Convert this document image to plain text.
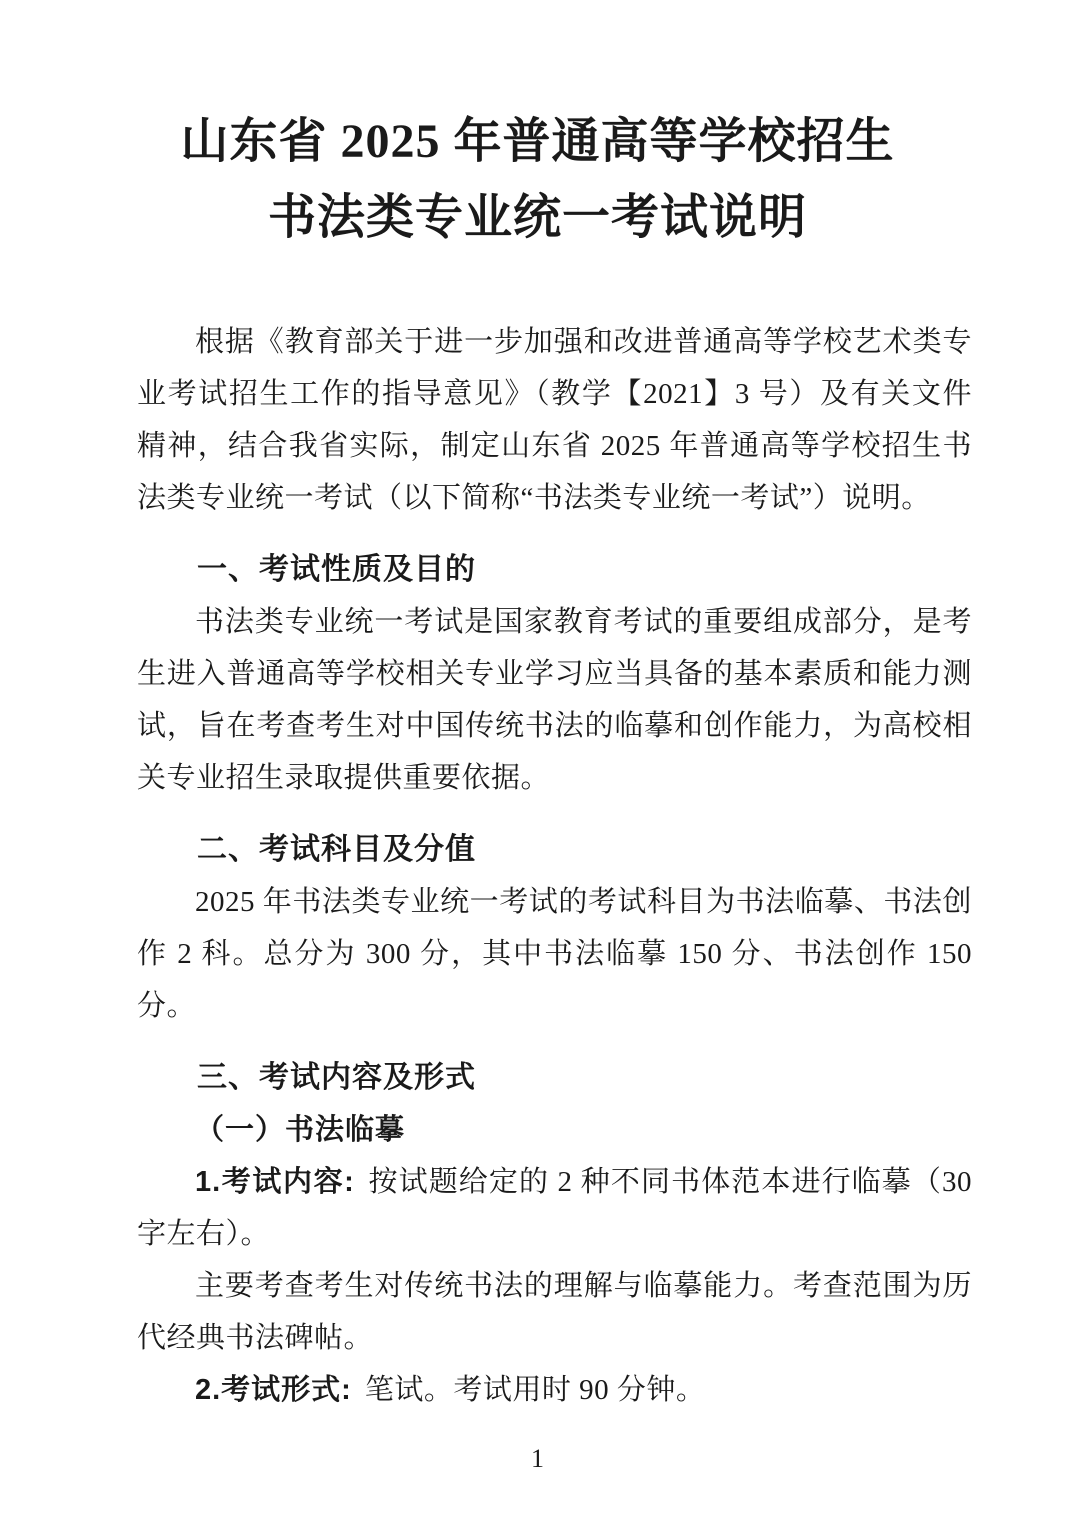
山东省 2025 年普通高等学校招生
书法类专业统一考试说明

根据《教育部关于进一步加强和改进普通高等学校艺术类专业考试招生工作的指导意见》（教学【2021】3 号）及有关文件精神，结合我省实际，制定山东省 2025 年普通高等学校招生书法类专业统一考试（以下简称“书法类专业统一考试”）说明。

一、考试性质及目的

书法类专业统一考试是国家教育考试的重要组成部分，是考生进入普通高等学校相关专业学习应当具备的基本素质和能力测试，旨在考查考生对中国传统书法的临摹和创作能力，为高校相关专业招生录取提供重要依据。

二、考试科目及分值

2025 年书法类专业统一考试的考试科目为书法临摹、书法创作 2 科。总分为 300 分，其中书法临摹 150 分、书法创作 150 分。

三、考试内容及形式
（一）书法临摹

1.考试内容: 按试题给定的 2 种不同书体范本进行临摹（30 字左右）。

主要考查考生对传统书法的理解与临摹能力。考查范围为历代经典书法碑帖。

2.考试形式: 笔试。考试用时 90 分钟。

1
